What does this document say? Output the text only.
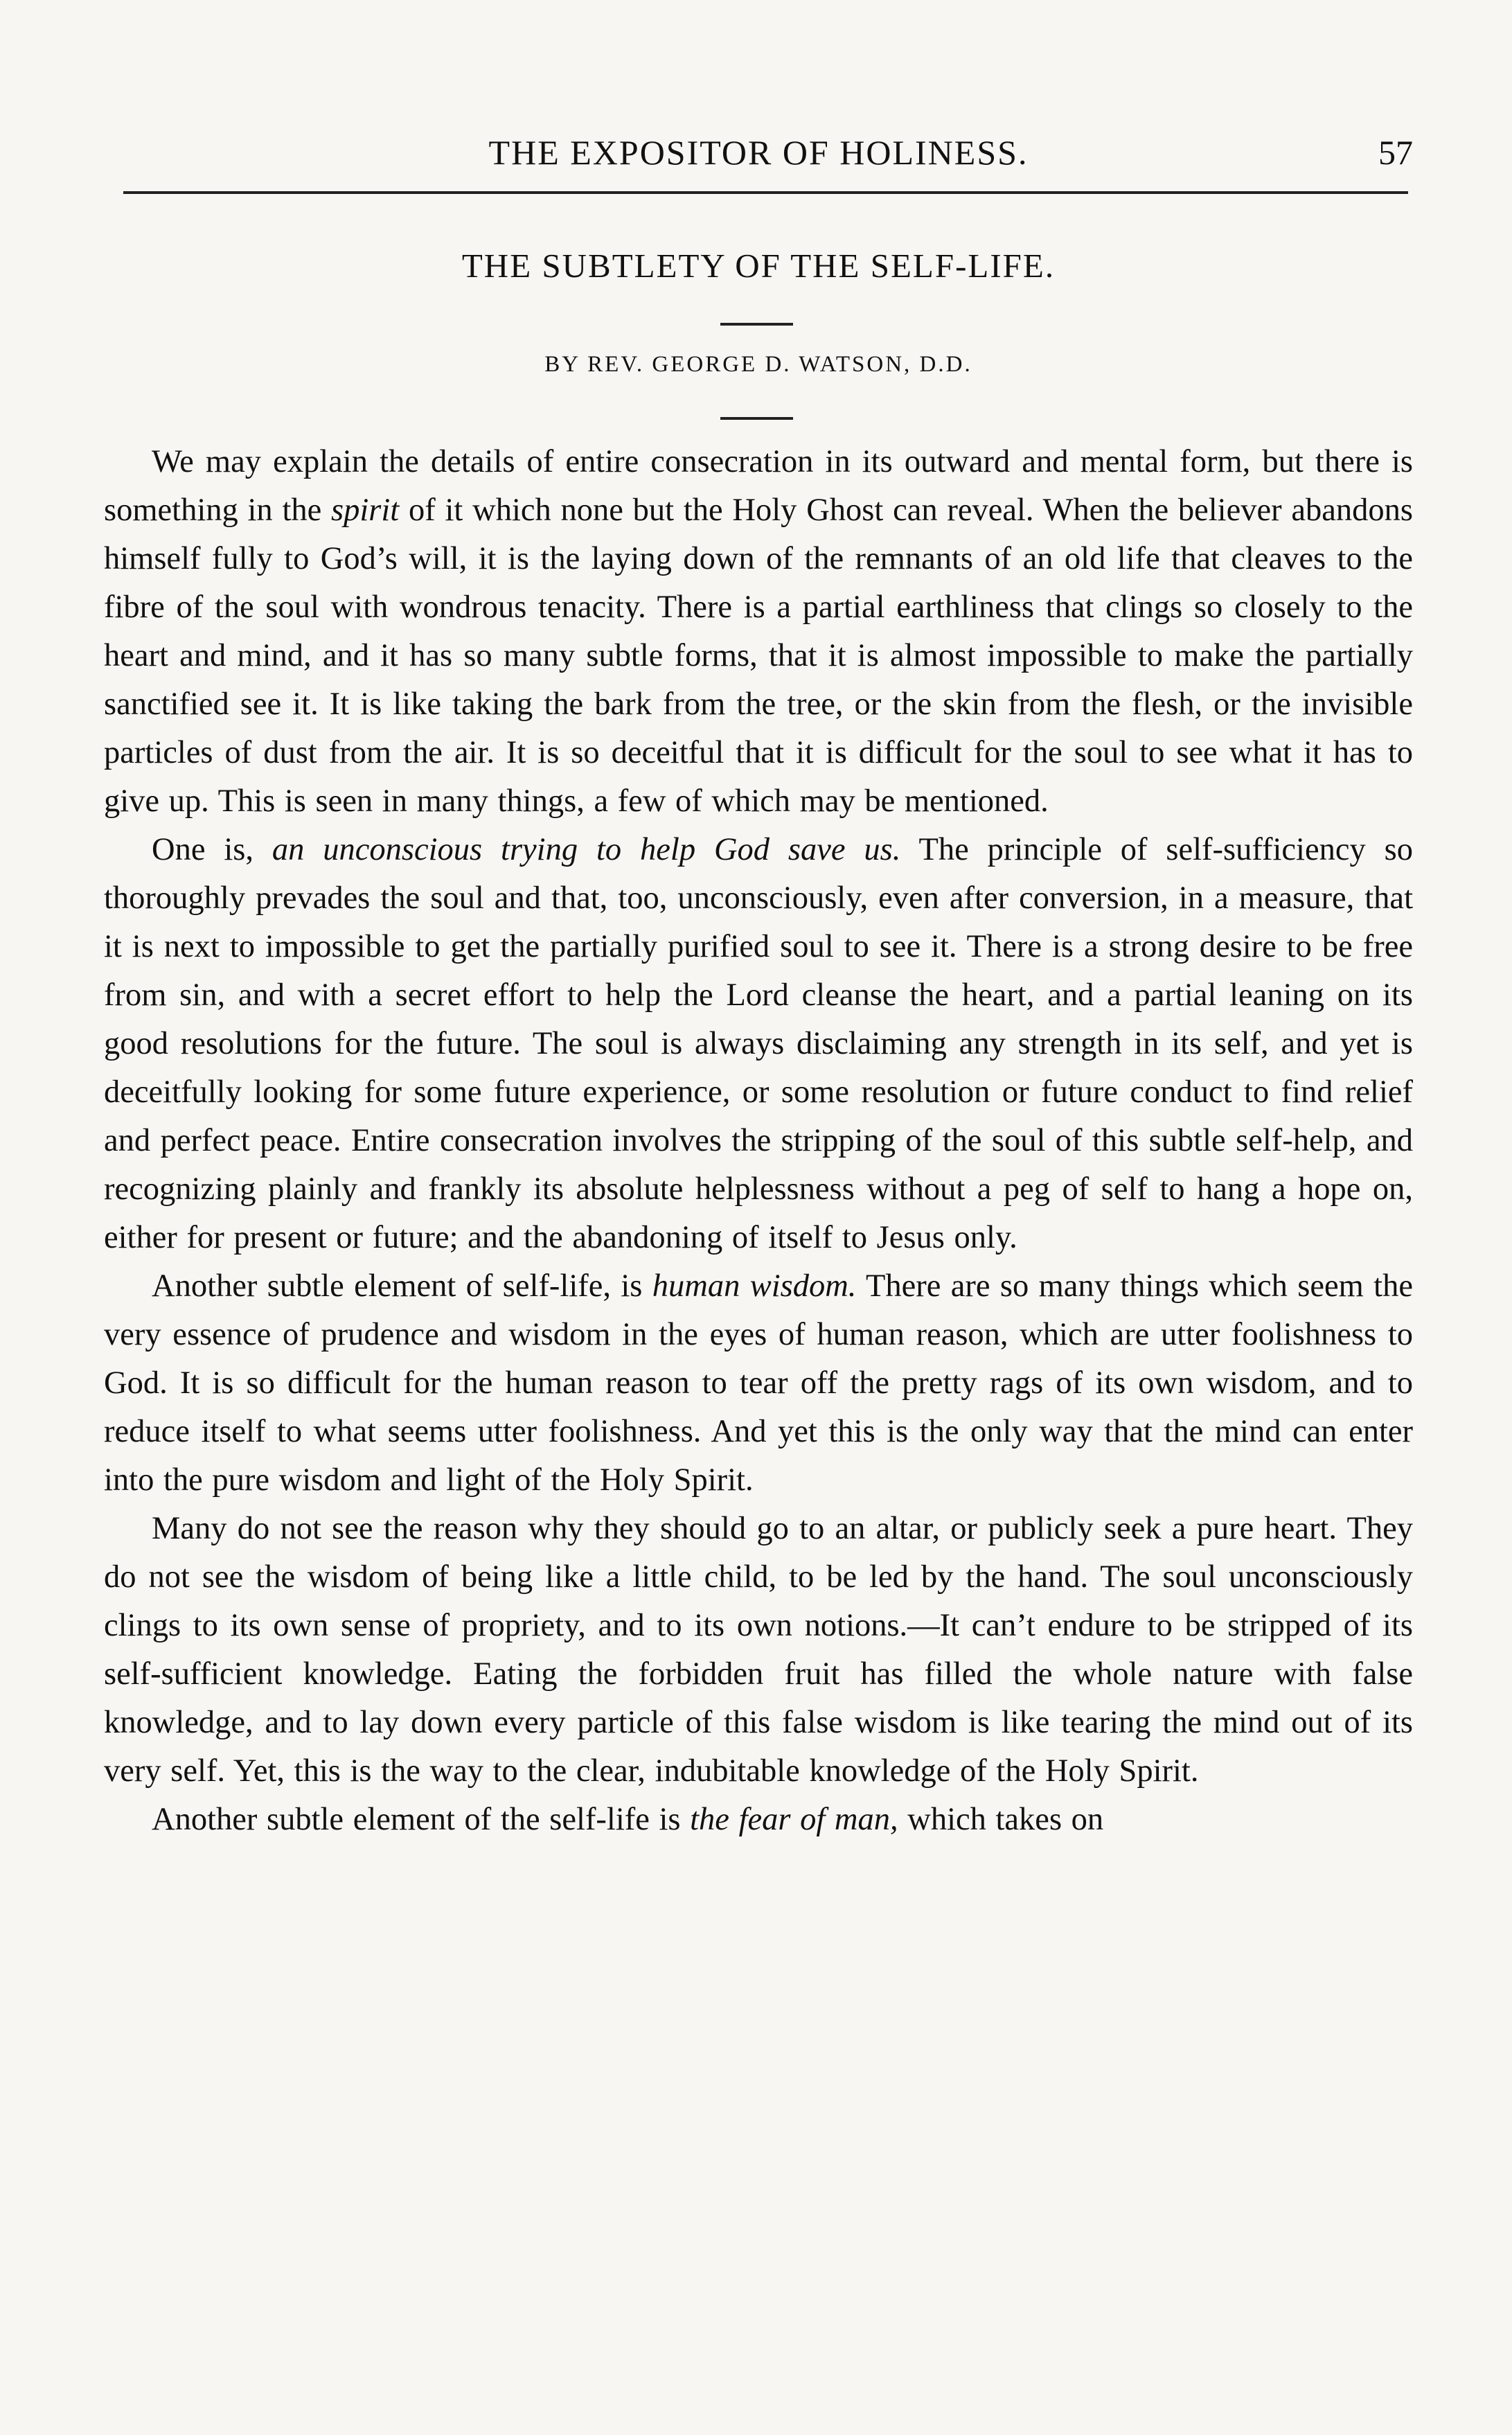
THE EXPOSITOR OF HOLINESS.	57
THE SUBTLETY OF THE SELF-LIFE.
BY REV. GEORGE D. WATSON, D.D.

We may explain the details of entire consecration in its outward and mental form, but there is something in the spirit of it which none but the Holy Ghost can reveal. When the believer abandons himself fully to God’s will, it is the laying down of the remnants of an old life that cleaves to the fibre of the soul with wondrous tenacity. There is a partial earthliness that clings so closely to the heart and mind, and it has so many subtle forms, that it is almost impossible to make the partially sanctified see it. It is like taking the bark from the tree, or the skin from the flesh, or the invisible particles of dust from the air. It is so deceitful that it is difficult for the soul to see what it has to give up. This is seen in many things, a few of which may be mentioned.

One is, an unconscious trying to help God save us. The principle of self-sufficiency so thoroughly prevades the soul and that, too, unconsciously, even after conversion, in a measure, that it is next to impossible to get the partially purified soul to see it. There is a strong desire to be free from sin, and with a secret effort to help the Lord cleanse the heart, and a partial leaning on its good resolutions for the future. The soul is always disclaiming any strength in its self, and yet is deceitfully looking for some future experience, or some resolution or future conduct to find relief and perfect peace. Entire consecration involves the stripping of the soul of this subtle self-help, and recognizing plainly and frankly its absolute helplessness without a peg of self to hang a hope on, either for present or future; and the abandoning of itself to Jesus only.

Another subtle element of self-life, is human wisdom. There are so many things which seem the very essence of prudence and wisdom in the eyes of human reason, which are utter foolishness to God. It is so difficult for the human reason to tear off the pretty rags of its own wisdom, and to reduce itself to what seems utter foolishness. And yet this is the only way that the mind can enter into the pure wisdom and light of the Holy Spirit.

Many do not see the reason why they should go to an altar, or publicly seek a pure heart. They do not see the wisdom of being like a little child, to be led by the hand. The soul unconsciously clings to its own sense of propriety, and to its own notions.—It can’t endure to be stripped of its self-sufficient knowledge. Eating the forbidden fruit has filled the whole nature with false knowledge, and to lay down every particle of this false wisdom is like tearing the mind out of its very self. Yet, this is the way to the clear, indubitable knowledge of the Holy Spirit.

Another subtle element of the self-life is the fear of man, which takes on
